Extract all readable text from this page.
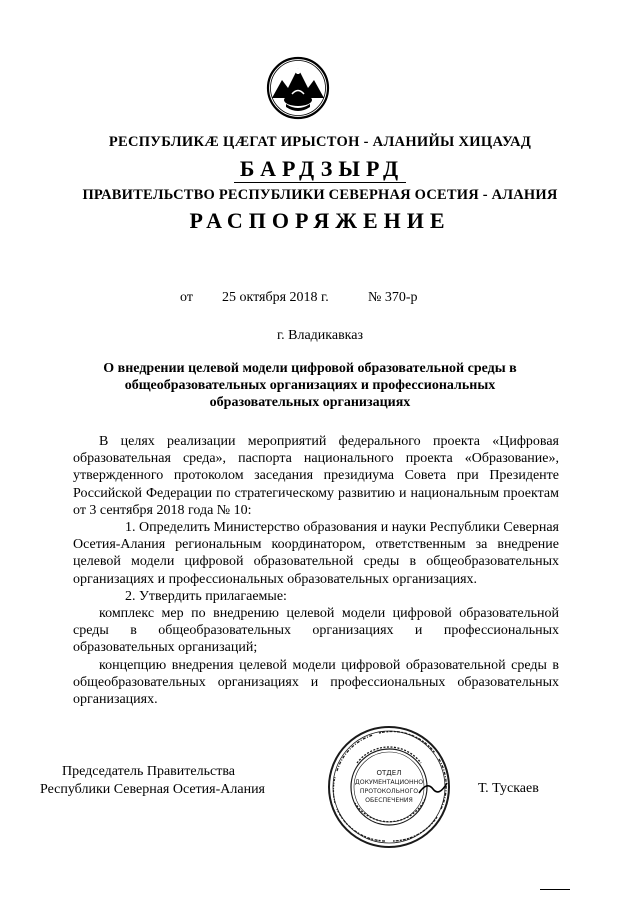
РЕСПУБЛИКӔ ЦӔГАТ ИРЫСТОН - АЛАНИЙЫ ХИЦАУАД
БАРДЗЫРД
ПРАВИТЕЛЬСТВО РЕСПУБЛИКИ СЕВЕРНАЯ ОСЕТИЯ - АЛАНИЯ
РАСПОРЯЖЕНИЕ
от 25 октября 2018 г.	№ 370-р
г. Владикавказ
О внедрении целевой модели цифровой образовательной среды в общеобразовательных организациях и профессиональных образовательных организациях

В целях реализации мероприятий федерального проекта «Цифровая образовательная среда», паспорта национального проекта «Образование», утвержденного протоколом заседания президиума Совета при Президенте Российской Федерации по стратегическому развитию и национальным проектам от 3 сентября 2018 года № 10:

1. Определить Министерство образования и науки Республики Северная Осетия-Алания региональным координатором, ответственным за внедрение целевой модели цифровой образовательной среды в общеобразовательных организациях и профессиональных образовательных организациях.

2. Утвердить прилагаемые:

комплекс мер по внедрению целевой модели цифровой образовательной среды в общеобразовательных организациях и профессиональных образовательных организаций;

концепцию внедрения целевой модели цифровой образовательной среды в общеобразовательных организациях и профессиональных образовательных организациях.

Председатель Правительства
Республики Северная Осетия-Алания
ОТДЕЛ
ДОКУМЕНТАЦИОННО
ПРОТОКОЛЬНОГО
ОБЕСПЕЧЕНИЯ
Т. Тускаев
